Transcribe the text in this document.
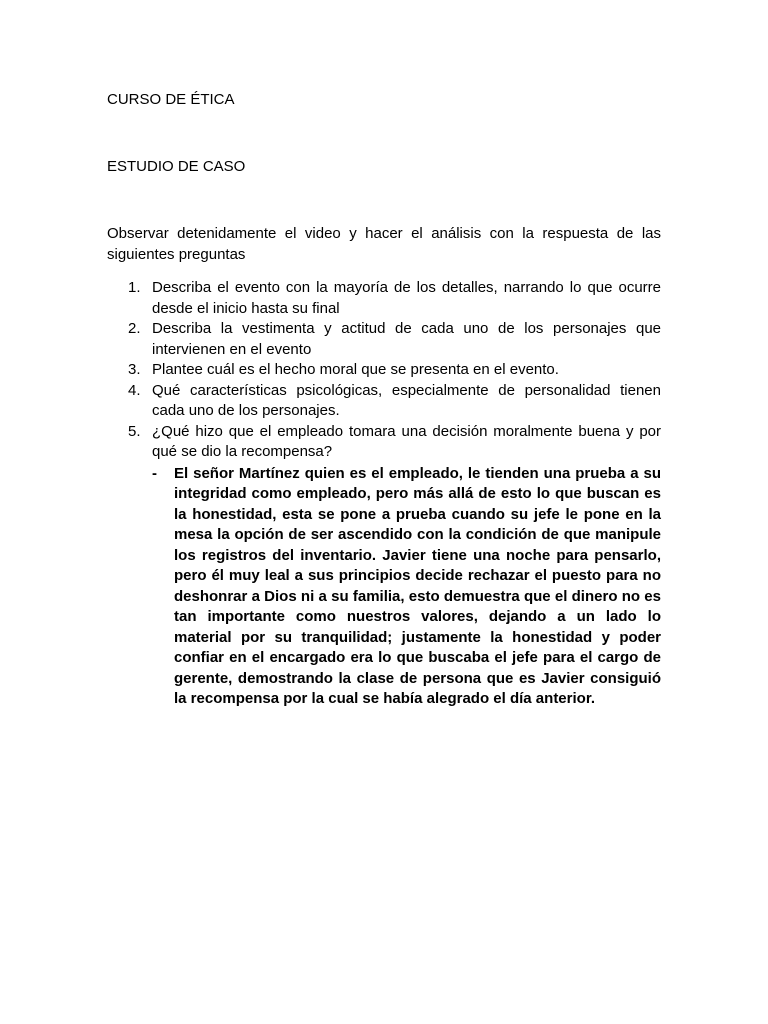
CURSO DE ÉTICA

ESTUDIO DE CASO

Observar detenidamente el video y hacer el análisis con la respuesta de las siguientes preguntas

1. Describa el evento con la mayoría de los detalles, narrando lo que ocurre desde el inicio hasta su final
2. Describa la vestimenta y actitud de cada uno de los personajes que intervienen en el evento
3. Plantee cuál es el hecho moral que se presenta en el evento.
4. Qué características psicológicas, especialmente de personalidad tienen cada uno de los personajes.
5. ¿Qué hizo que el empleado tomara una decisión moralmente buena y por qué se dio la recompensa?
- El señor Martínez quien es el empleado, le tienden una prueba a su integridad como empleado, pero más allá de esto lo que buscan es la honestidad, esta se pone a prueba cuando su jefe le pone en la mesa la opción de ser ascendido con la condición de que manipule los registros del inventario. Javier tiene una noche para pensarlo, pero él muy leal a sus principios decide rechazar el puesto para no deshonrar a Dios ni a su familia, esto demuestra que el dinero no es tan importante como nuestros valores, dejando a un lado lo material por su tranquilidad; justamente la honestidad y poder confiar en el encargado era lo que buscaba el jefe para el cargo de gerente, demostrando la clase de persona que es Javier consiguió la recompensa por la cual se había alegrado el día anterior.
